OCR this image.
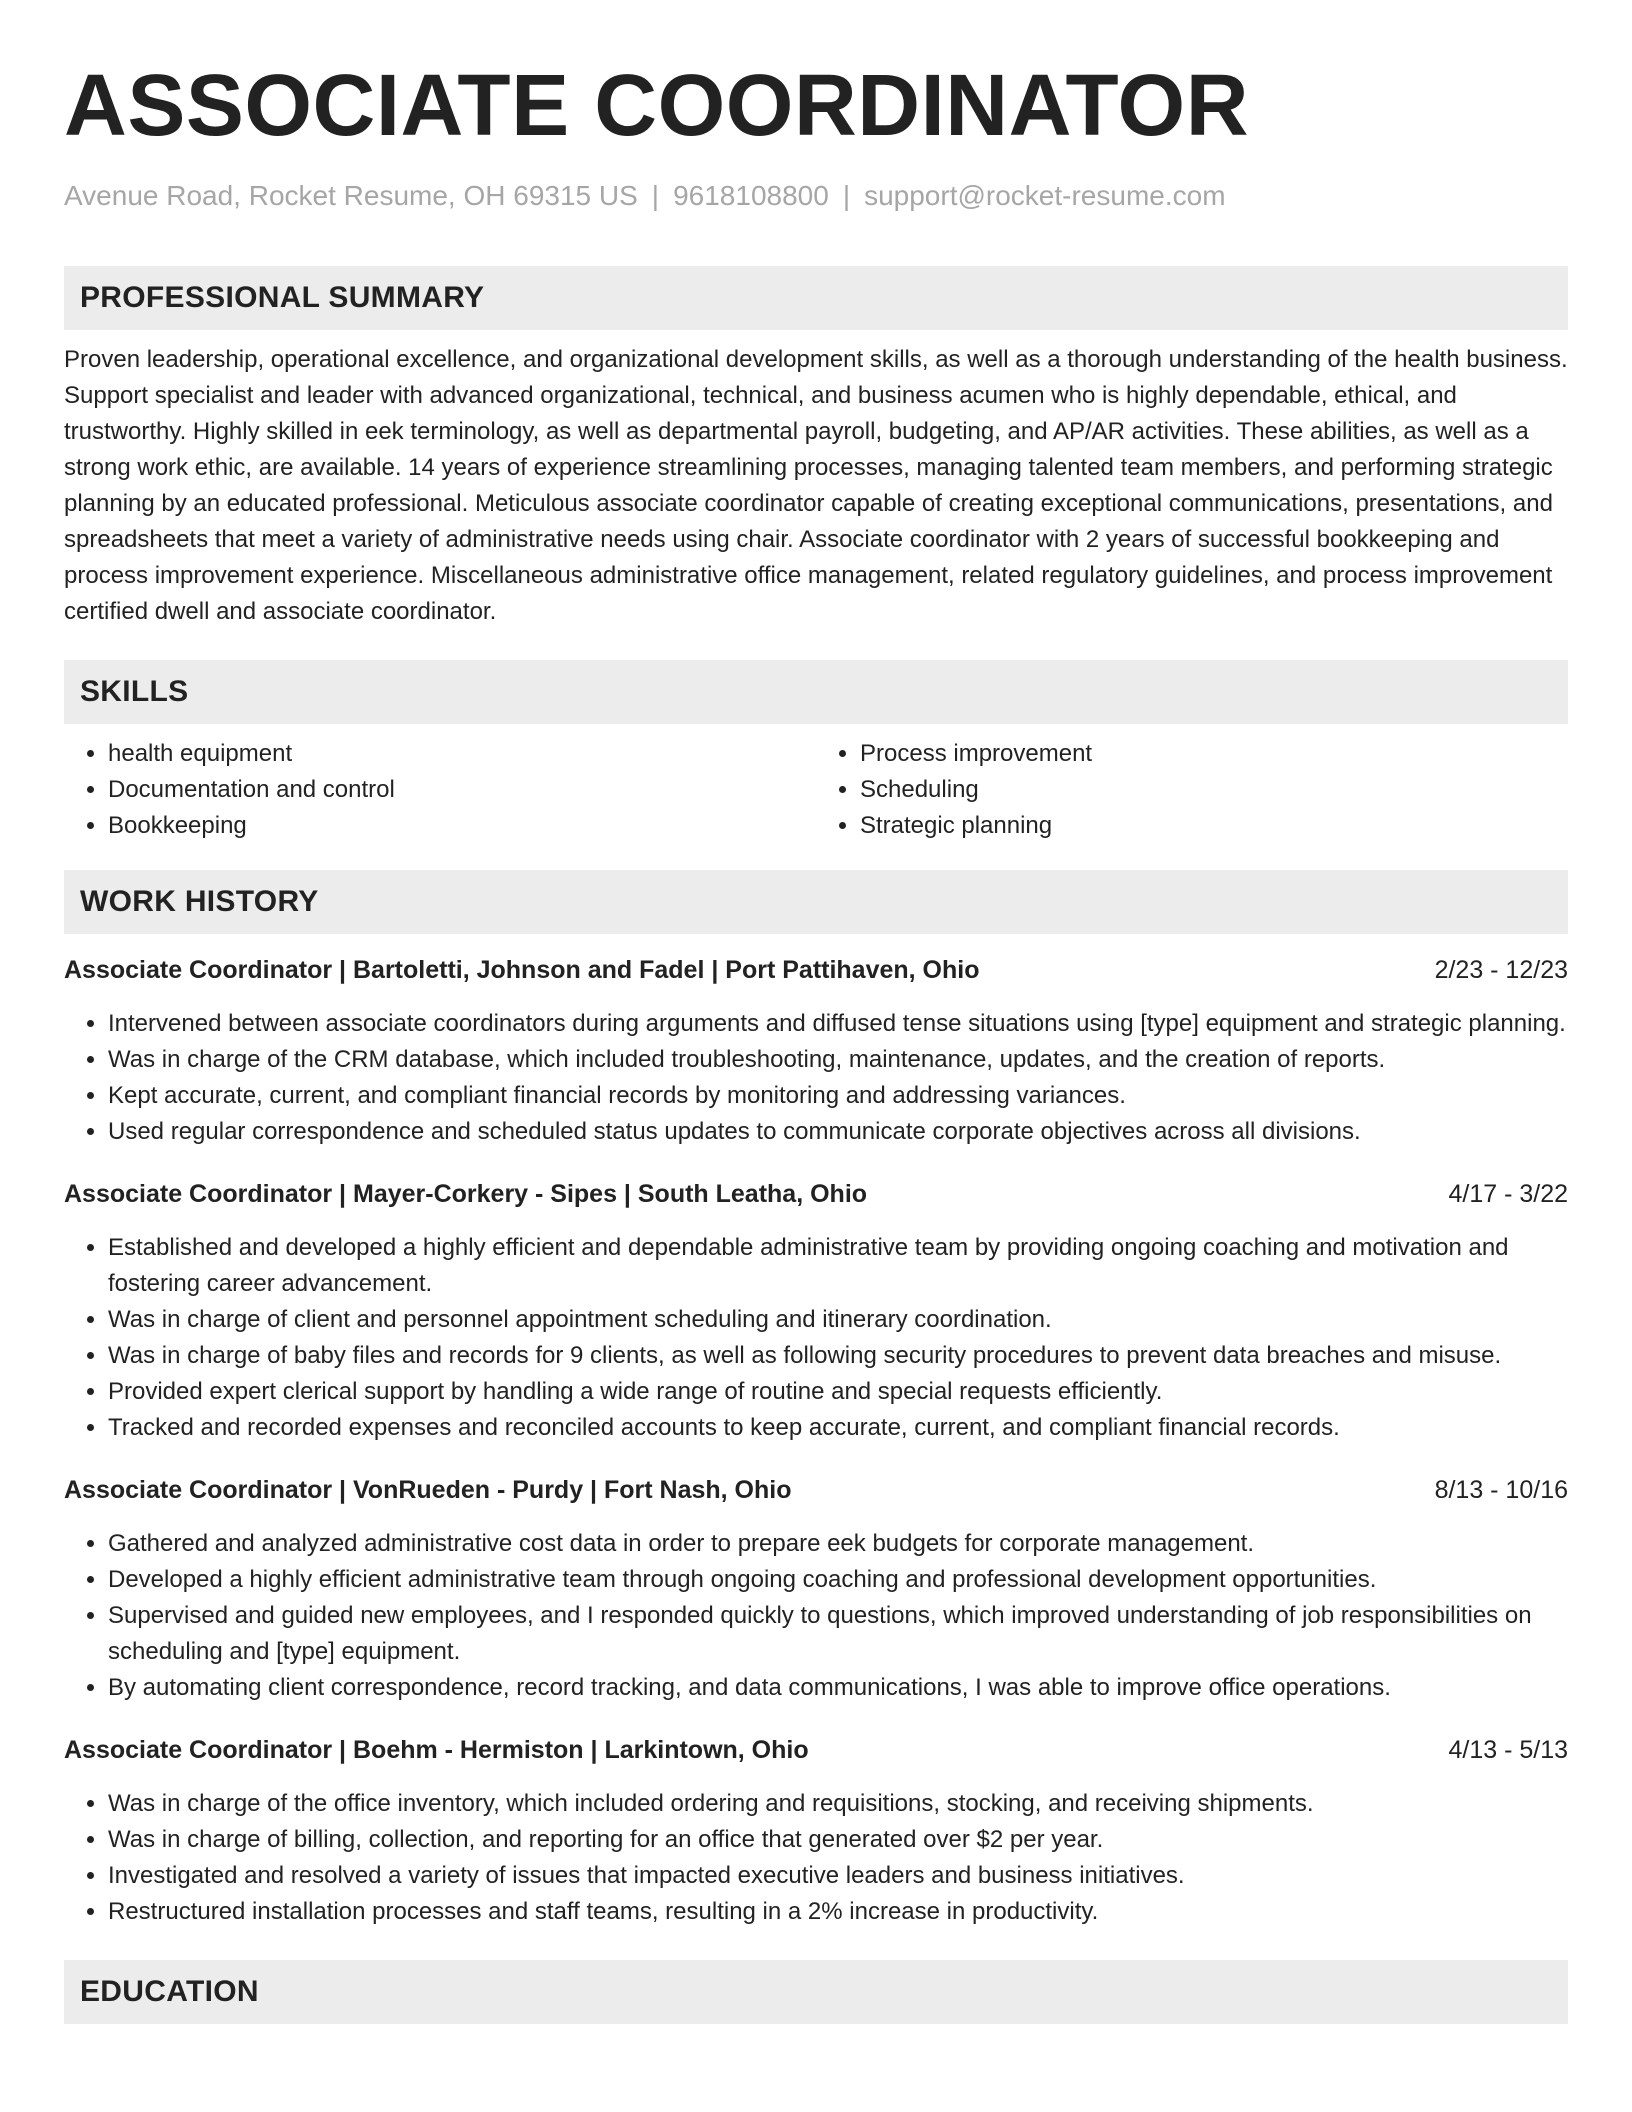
ASSOCIATE COORDINATOR
Avenue Road, Rocket Resume, OH 69315 US | 9618108800 | support@rocket-resume.com
PROFESSIONAL SUMMARY

Proven leadership, operational excellence, and organizational development skills, as well as a thorough understanding of the health business. Support specialist and leader with advanced organizational, technical, and business acumen who is highly dependable, ethical, and trustworthy. Highly skilled in eek terminology, as well as departmental payroll, budgeting, and AP/AR activities. These abilities, as well as a strong work ethic, are available. 14 years of experience streamlining processes, managing talented team members, and performing strategic planning by an educated professional. Meticulous associate coordinator capable of creating exceptional communications, presentations, and spreadsheets that meet a variety of administrative needs using chair. Associate coordinator with 2 years of successful bookkeeping and process improvement experience. Miscellaneous administrative office management, related regulatory guidelines, and process improvement certified dwell and associate coordinator.

SKILLS
• health equipment
• Documentation and control
• Bookkeeping
• Process improvement
• Scheduling
• Strategic planning
WORK HISTORY
Associate Coordinator | Bartoletti, Johnson and Fadel | Port Pattihaven, Ohio	2/23 - 12/23
• Intervened between associate coordinators during arguments and diffused tense situations using [type] equipment and strategic planning.
• Was in charge of the CRM database, which included troubleshooting, maintenance, updates, and the creation of reports.
• Kept accurate, current, and compliant financial records by monitoring and addressing variances.
• Used regular correspondence and scheduled status updates to communicate corporate objectives across all divisions.
Associate Coordinator | Mayer-Corkery - Sipes | South Leatha, Ohio	4/17 - 3/22
• Established and developed a highly efficient and dependable administrative team by providing ongoing coaching and motivation and fostering career advancement.
• Was in charge of client and personnel appointment scheduling and itinerary coordination.
• Was in charge of baby files and records for 9 clients, as well as following security procedures to prevent data breaches and misuse.
• Provided expert clerical support by handling a wide range of routine and special requests efficiently.
• Tracked and recorded expenses and reconciled accounts to keep accurate, current, and compliant financial records.
Associate Coordinator | VonRueden - Purdy | Fort Nash, Ohio	8/13 - 10/16
• Gathered and analyzed administrative cost data in order to prepare eek budgets for corporate management.
• Developed a highly efficient administrative team through ongoing coaching and professional development opportunities.
• Supervised and guided new employees, and I responded quickly to questions, which improved understanding of job responsibilities on scheduling and [type] equipment.
• By automating client correspondence, record tracking, and data communications, I was able to improve office operations.
Associate Coordinator | Boehm - Hermiston | Larkintown, Ohio	4/13 - 5/13
• Was in charge of the office inventory, which included ordering and requisitions, stocking, and receiving shipments.
• Was in charge of billing, collection, and reporting for an office that generated over $2 per year.
• Investigated and resolved a variety of issues that impacted executive leaders and business initiatives.
• Restructured installation processes and staff teams, resulting in a 2% increase in productivity.
EDUCATION
